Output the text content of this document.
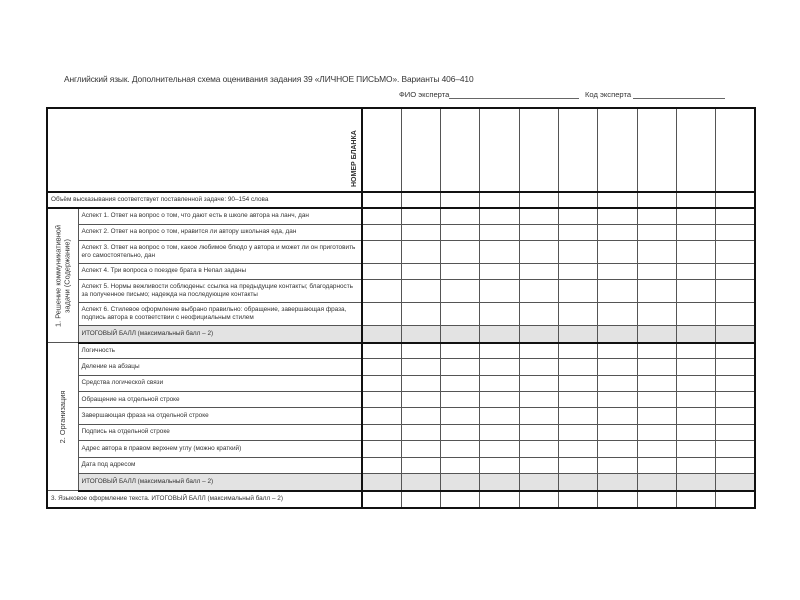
Английский язык. Дополнительная схема оценивания задания 39 «ЛИЧНОЕ ПИСЬМО». Варианты 406–410
ФИО эксперта	Код эксперта
НОМЕР БЛАНКА											

Объём высказывания соответствует поставленной задаче: 90–154 слова											

1. Решение коммуникативной задачи (Содержание)	Аспект 1. Ответ на вопрос о том, что дают есть в школе автора на ланч, дан										
	Аспект 2. Ответ на вопрос о том, нравится ли автору школьная еда, дан										
	Аспект 3. Ответ на вопрос о том, какое любимое блюдо у автора и может ли он приготовить его самостоятельно, дан										
	Аспект 4. Три вопроса о поездке брата в Непал заданы										
	Аспект 5. Нормы вежливости соблюдены: ссылка на предыдущие контакты; благодарность за полученное письмо; надежда на последующие контакты										
	Аспект 6. Стилевое оформление выбрано правильно: обращение, завершающая фраза, подпись автора в соответствии с неофициальным стилем										
	ИТОГОВЫЙ БАЛЛ (максимальный балл – 2)										

2. Организация	Логичность										
	Деление на абзацы										
	Средства логической связи										
	Обращение на отдельной строке										
	Завершающая фраза на отдельной строке										
	Подпись на отдельной строке										
	Адрес автора в правом верхнем углу (можно краткий)										
	Дата под адресом										
	ИТОГОВЫЙ БАЛЛ (максимальный балл – 2)										
3. Языковое оформление текста. ИТОГОВЫЙ БАЛЛ (максимальный балл – 2)											
